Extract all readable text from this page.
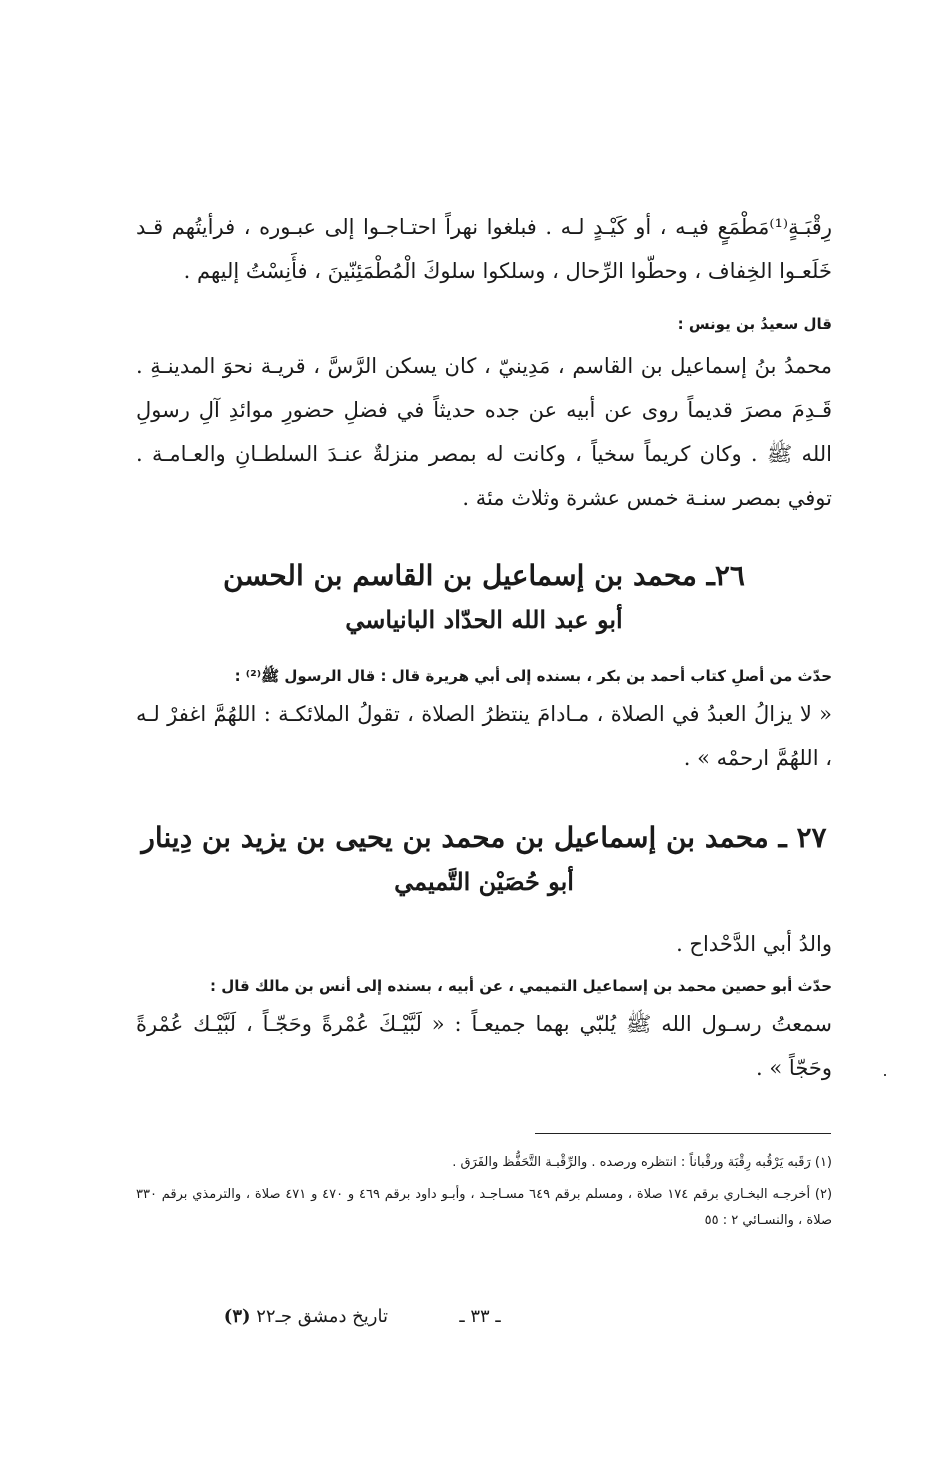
رِقْبَـةٍ⁽¹⁾مَطْمَعٍ فيـه ، أو كَيْـدٍ لـه . فبلغوا نهراً احتـاجـوا إلى عبـوره ، فرأيتُهم قـد خَلَعـوا الخِفاف ، وحطّوا الرِّحال ، وسلكوا سلوكَ الْمُطْمَئِنّينَ ، فأَنِسْتُ إليهم .

قال سعيدُ بن يونس :

محمدُ بنُ إسماعيل بن القاسم ، مَدِينيّ ، كان يسكن الرَّسَّ ، قريـة نحوَ المدينـةِ . قَـدِمَ مصرَ قديماً روى عن أبيه عن جده حديثاً في فضلِ حضورِ موائدِ آلِ رسولِ الله ﷺ . وكان كريماً سخياً ، وكانت له بمصر منزلةٌ عنـدَ السلطـانِ والعـامـة . توفي بمصر سنـة خمس عشرة وثلاث مئة .

٢٦ـ محمد بن إسماعيل بن القاسم بن الحسن
أبو عبد الله الحدّاد البانياسي

حدّث من أصلِ كتاب أحمد بن بكر ، بسنده إلى أبي هريرة قال : قال الرسول ﷺ⁽²⁾ :

« لا يزالُ العبدُ في الصلاة ، مـادامَ ينتظرُ الصلاة ، تقولُ الملائكـة : اللهُمَّ اغفرْ لـه ، اللهُمَّ ارحمْه » .

٢٧ ـ محمد بن إسماعيل بن محمد بن يحيى بن يزيد بن دِينار
أبو حُصَيْن التَّميمي

والدُ أبي الدَّحْداح .

حدّث أبو حصين محمد بن إسماعيل التميمي ، عن أبيه ، بسنده إلى أنس بن مالك قال :

سمعتُ رسـول الله ﷺ يُلبّي بهما جميعـاً : « لَبَّيْـكَ عُمْرةً وحَجّـاً ، لَبَّيْـك عُمْرةً وحَجّاً » .

(١) رَقَبه يَرْقُبه رِقْبَة ورقْباناً : انتظره ورصده . والرِّقْبـة التَّحَفُّظ والفَرَق .

(٢) أخرجـه البخـاري برقم ١٧٤ صلاة ، ومسلم برقم ٦٤٩ مسـاجـد ، وأبـو داود برقم ٤٦٩ و ٤٧٠ و ٤٧١ صلاة ، والترمذي برقم ٣٣٠ صلاة ، والنسـائي ٢ : ٥٥

ـ ٣٣ ـ

تاريخ دمشق جـ٢٢ (٣)
